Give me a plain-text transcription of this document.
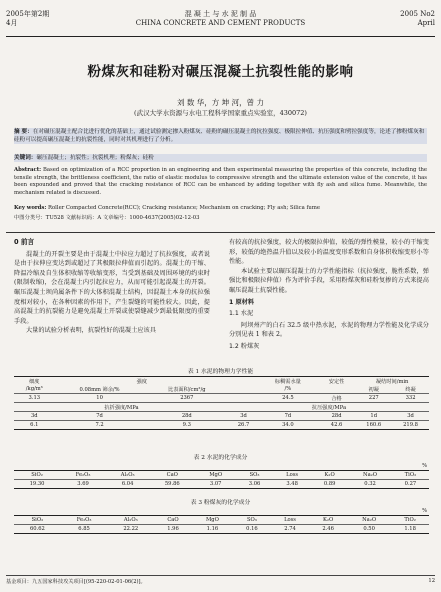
2005年第2期
4月
混 凝 土 与 水 泥 制 品
CHINA CONCRETE AND CEMENT PRODUCTS
2005 No2
April
粉煤灰和硅粉对碾压混凝土抗裂性能的影响
刘 数 华，方 坤 河，曾 力
(武汉大学水资源与水电工程科学国家重点实验室，430072)
摘 要：在对碾压混凝土配合比进行优化的基础上，通过试验测定掺入粉煤灰、硅粉的碾压混凝土的抗拉强度、极限拉伸值、抗压强度和劈拉强度等，论述了掺粉煤灰和硅粉可以提高碾压混凝土的抗裂性能，同时对其机理进行了分析。
关键词：碾压混凝土；抗裂性；抗裂机理；粉煤灰；硅粉
Abstract: Based on optimization of a RCC proportion in an engineering and then experimental measuring the properties of this concrete, including the tensile strength, the brittleness coefficient, the ratio of elastic modulus to compressive strength and the ultimate extension value of the concrete, it has been expounded and proved that the cracking resistance of RCC can be enhanced by adding together with fly ash and silica fume. Meanwhile, the mechanism related is discussed.
Key words: Roller Compacted Concrete(RCC); Cracking resistance; Mechanism on cracking; Fly ash; Silica fume
中图分类号：TU528 文献标识码：A 文章编号：1000-4637(2005)02-12-03
0 前言

混凝土的开裂主要是由于混凝土中拉应力超过了抗拉强度，或者说是由于拉伸应变达到或超过了其极限拉伸值而引起的。混凝土的干缩、降温冷缩及自生体积收缩等收缩变形，当受到基础及周围环境的约束时(限制收缩)，会在混凝土内引起拉应力，从而可能引起混凝土的开裂。碾压混凝土坝尚属条件下的大体积混凝土结构，因混凝土本身的抗拉强度相对较小，在各种因素的作用下，产生裂缝的可能性较大。因此，提高混凝土的抗裂能力是避免混凝土开裂或使裂缝减少到最低限度的重要手段。

大量的试验分析表明，抗裂性好的混凝土应该具

有较高的抗拉强度，较大的极限拉伸值，较低的弹性模量，较小的干缩变形，较低的绝热温升值以及较小的温度变形系数和自身体积收缩变形小等性能。

本试验主要以碾压混凝土的力学性能指标（抗拉强度，脆性系数，弹强比和极限拉伸值）作为评价手段，采用粉煤灰和硅粉复掺的方式来提高碾压混凝土抗裂性能。

1 原材料
1.1 水泥

阿坝州产的白石 32.5 级中热水泥，水泥的物理力学性能及化学成分分别见表 1 和表 2。

1.2 粉煤灰
表 1 水泥的物理力学性能
细度	强度			标稠需水量	安定性	凝结时间/min	
/kg/m³	0.08mm 筛余/%	比表面积/cm²/g		/%		初凝	终凝
3.13	10	2367		24.5	合格	227	332
抗折强度/MPa			抗压强度/MPa				
3d	7d	28d	3d	7d	28d	1d	3d
6.1	7.2	9.3	26.7	34.0	42.6	160.6	219.8
表 2 水泥的化学成分
%
SiO₂	Fe₂O₃	Al₂O₃	CaO	MgO	SO₃	Loss	K₂O	Na₂O	TiO₂
19.30	3.69	6.04	59.86	3.07	3.06	3.48	0.89	0.32	0.27
表 3 粉煤灰的化学成分
%
SiO₂	Fe₂O₃	Al₂O₃	CaO	MgO	SO₃	Loss	K₂O	Na₂O	TiO₂
60.62	6.85	22.22	1.96	1.16	0.16	2.74	2.46	0.50	1.18
基金项目：九五国家科技攻关项目[(95-220-02-01-06(2)]。	12
